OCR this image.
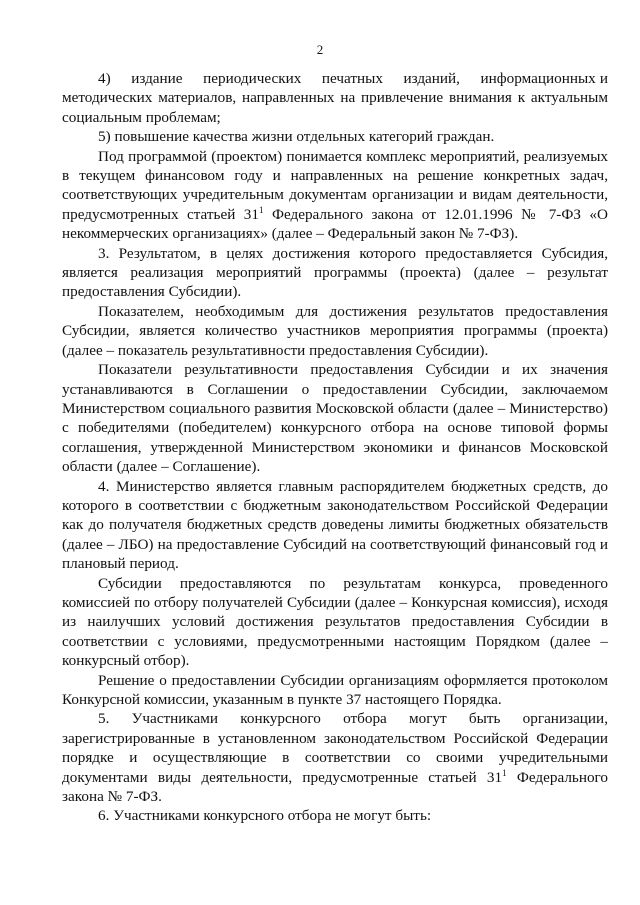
2

4)     издание     периодических     печатных     изданий,     информационных и методических материалов, направленных на привлечение внимания к актуальным социальным проблемам;

5) повышение качества жизни отдельных категорий граждан.

Под программой (проектом) понимается комплекс мероприятий, реализуемых в текущем финансовом году и направленных на решение конкретных задач, соответствующих учредительным документам организации и видам деятельности, предусмотренных статьей $31^1$ Федерального закона от 12.01.1996 № 7-ФЗ «О некоммерческих организациях» (далее – Федеральный закон № 7-ФЗ).

3. Результатом, в целях достижения которого предоставляется Субсидия, является реализация мероприятий программы (проекта) (далее – результат предоставления Субсидии).

Показателем, необходимым для достижения результатов предоставления Субсидии, является количество участников мероприятия программы (проекта) (далее – показатель результативности предоставления Субсидии).

Показатели результативности предоставления Субсидии и их значения устанавливаются в Соглашении о предоставлении Субсидии, заключаемом Министерством социального развития Московской области (далее – Министерство) с победителями (победителем) конкурсного отбора на основе типовой формы соглашения, утвержденной Министерством экономики и финансов Московской области (далее – Соглашение).

4. Министерство является главным распорядителем бюджетных средств, до которого в соответствии с бюджетным законодательством Российской Федерации как до получателя бюджетных средств доведены лимиты бюджетных обязательств (далее – ЛБО) на предоставление Субсидий на соответствующий финансовый год и плановый период.

Субсидии предоставляются по результатам конкурса, проведенного комиссией по отбору получателей Субсидии (далее – Конкурсная комиссия), исходя из наилучших условий достижения результатов предоставления Субсидии в соответствии с условиями, предусмотренными настоящим Порядком (далее – конкурсный отбор).

Решение о предоставлении Субсидии организациям оформляется протоколом Конкурсной комиссии, указанным в пункте 37 настоящего Порядка.

5.    Участниками    конкурсного    отбора    могут    быть    организации, зарегистрированные в установленном законодательством Российской Федерации порядке и осуществляющие в соответствии со своими учредительными документами виды деятельности, предусмотренные статьей $31^1$ Федерального закона № 7-ФЗ.

6. Участниками конкурсного отбора не могут быть:
